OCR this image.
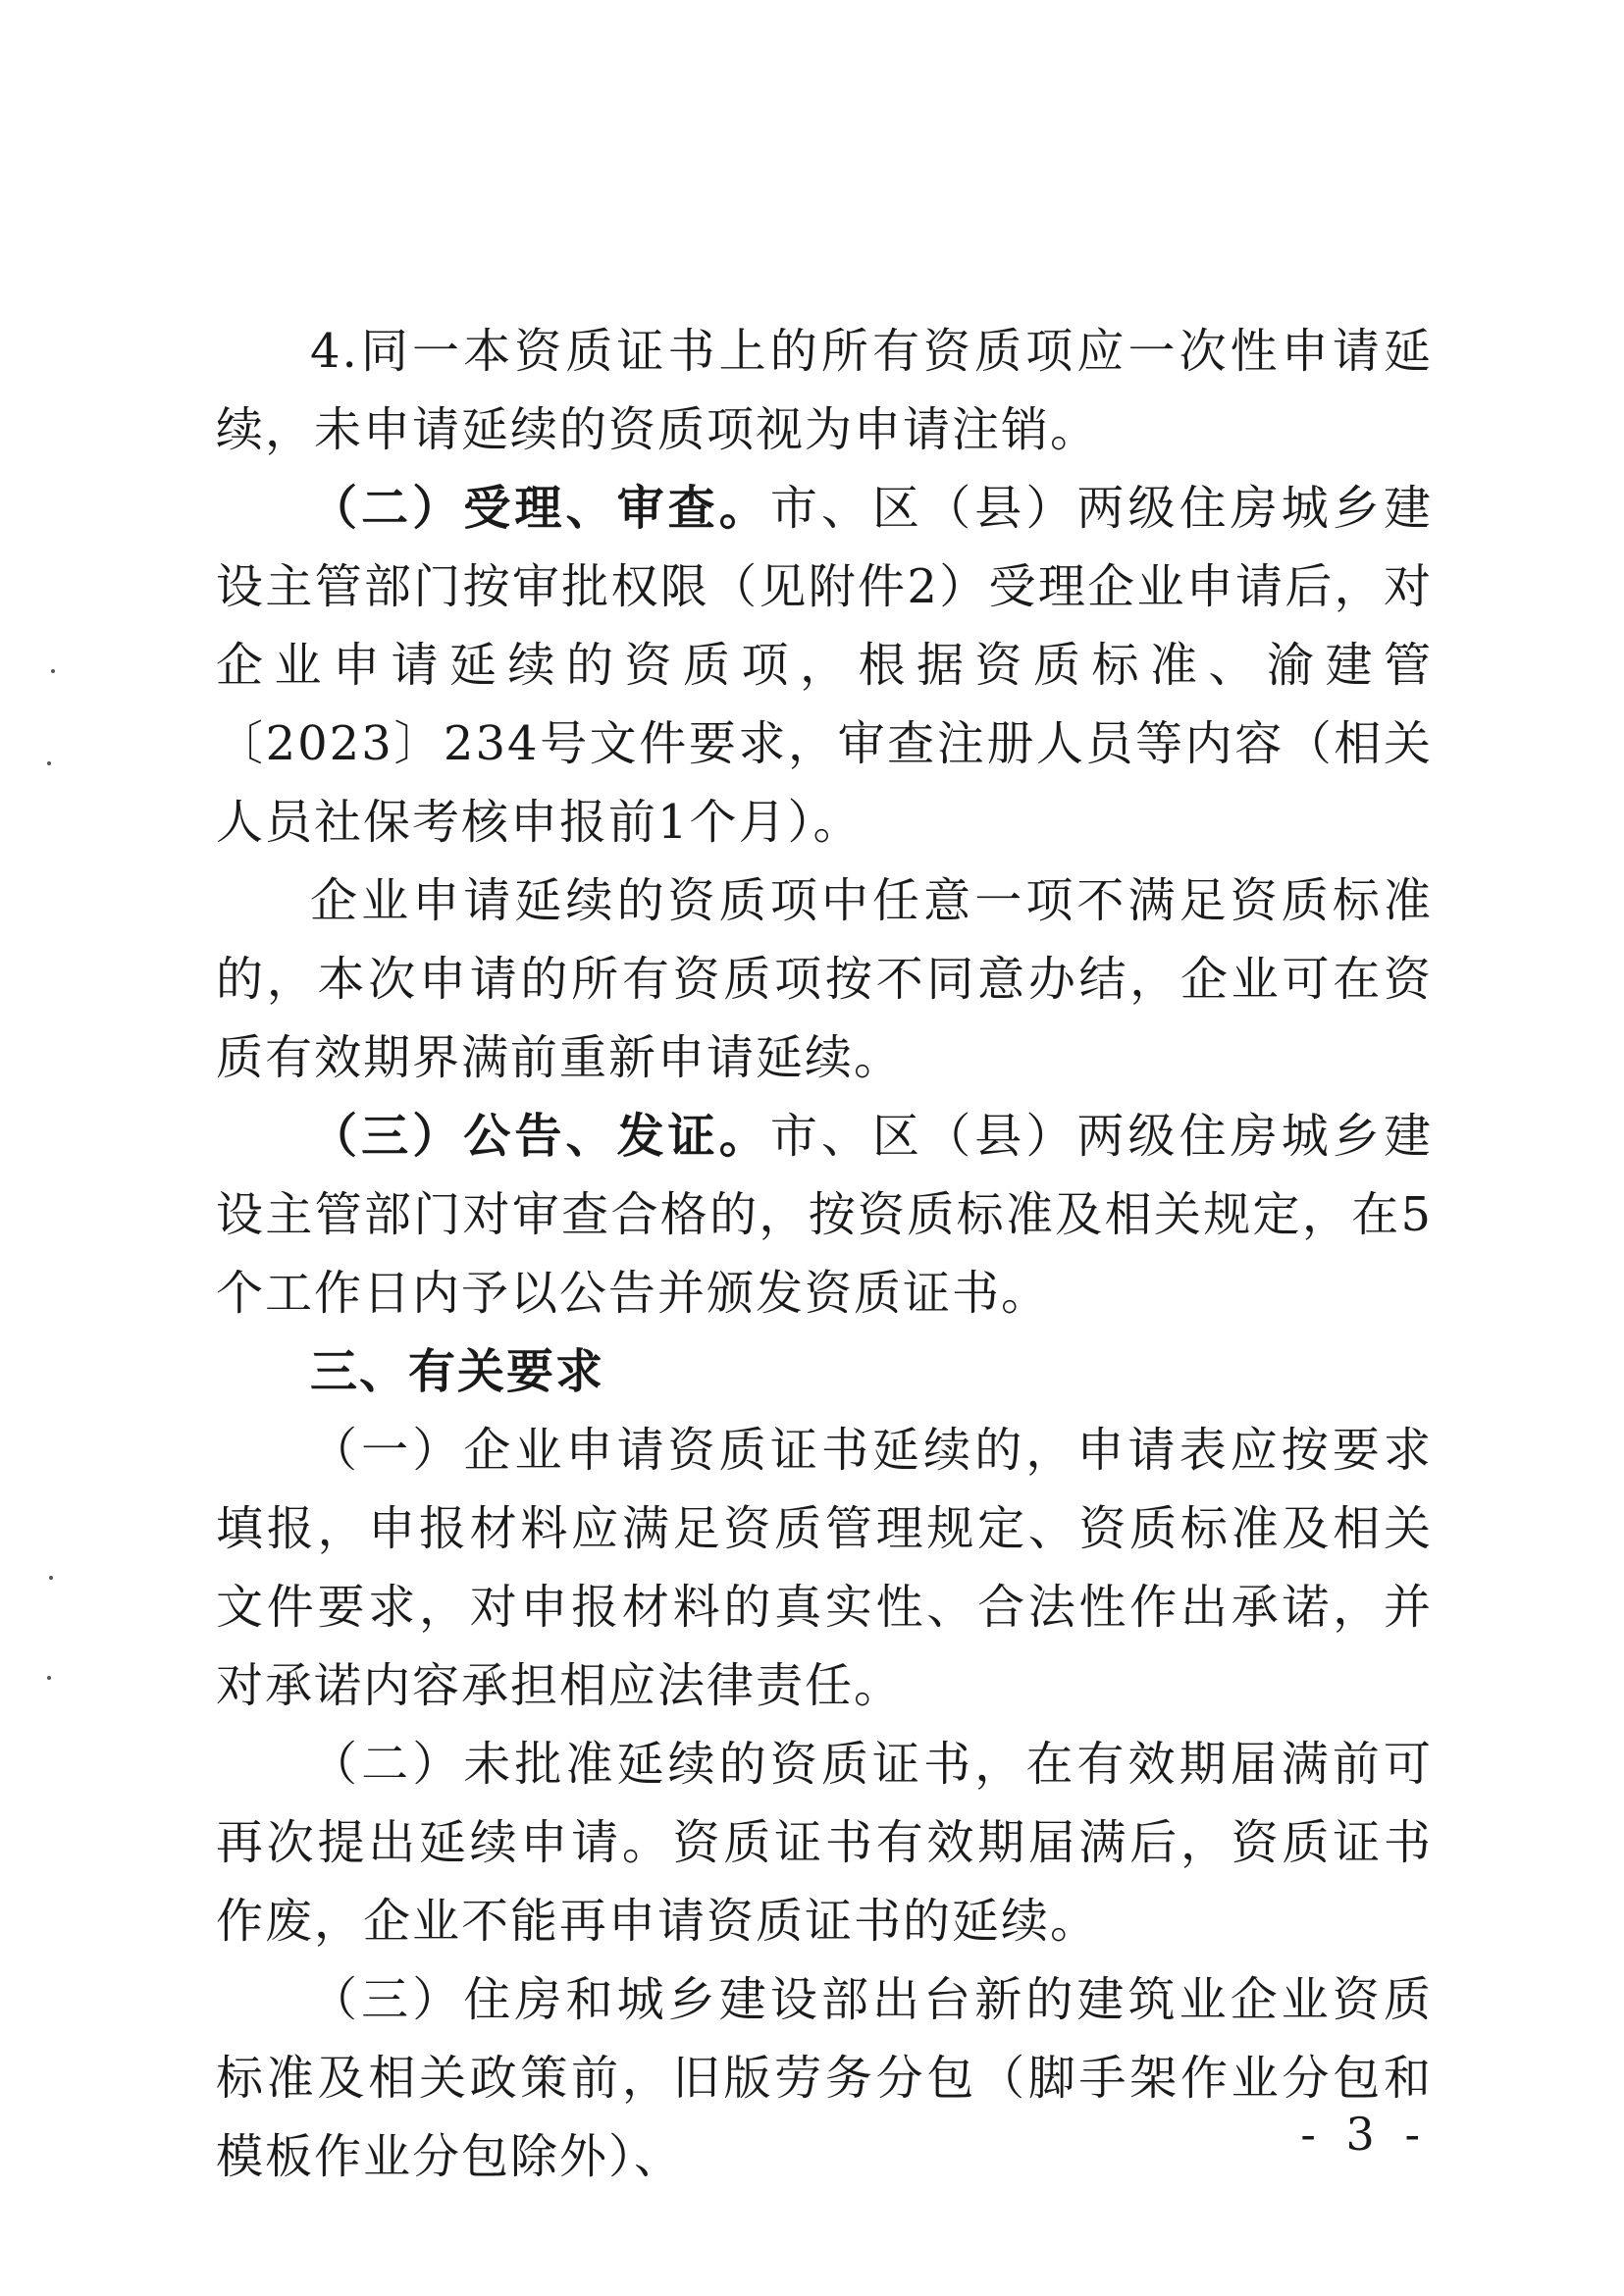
4.同一本资质证书上的所有资质项应一次性申请延续，未申请延续的资质项视为申请注销。

（二）受理、审查。市、区（县）两级住房城乡建设主管部门按审批权限（见附件2）受理企业申请后，对企业申请延续的资质项，根据资质标准、渝建管〔2023〕234号文件要求，审查注册人员等内容（相关人员社保考核申报前1个月）。

企业申请延续的资质项中任意一项不满足资质标准的，本次申请的所有资质项按不同意办结，企业可在资质有效期界满前重新申请延续。

（三）公告、发证。市、区（县）两级住房城乡建设主管部门对审查合格的，按资质标准及相关规定，在5个工作日内予以公告并颁发资质证书。

三、有关要求

（一）企业申请资质证书延续的，申请表应按要求填报，申报材料应满足资质管理规定、资质标准及相关文件要求，对申报材料的真实性、合法性作出承诺，并对承诺内容承担相应法律责任。

（二）未批准延续的资质证书，在有效期届满前可再次提出延续申请。资质证书有效期届满后，资质证书作废，企业不能再申请资质证书的延续。

（三）住房和城乡建设部出台新的建筑业企业资质标准及相关政策前，旧版劳务分包（脚手架作业分包和模板作业分包除外）、	- 3 -
